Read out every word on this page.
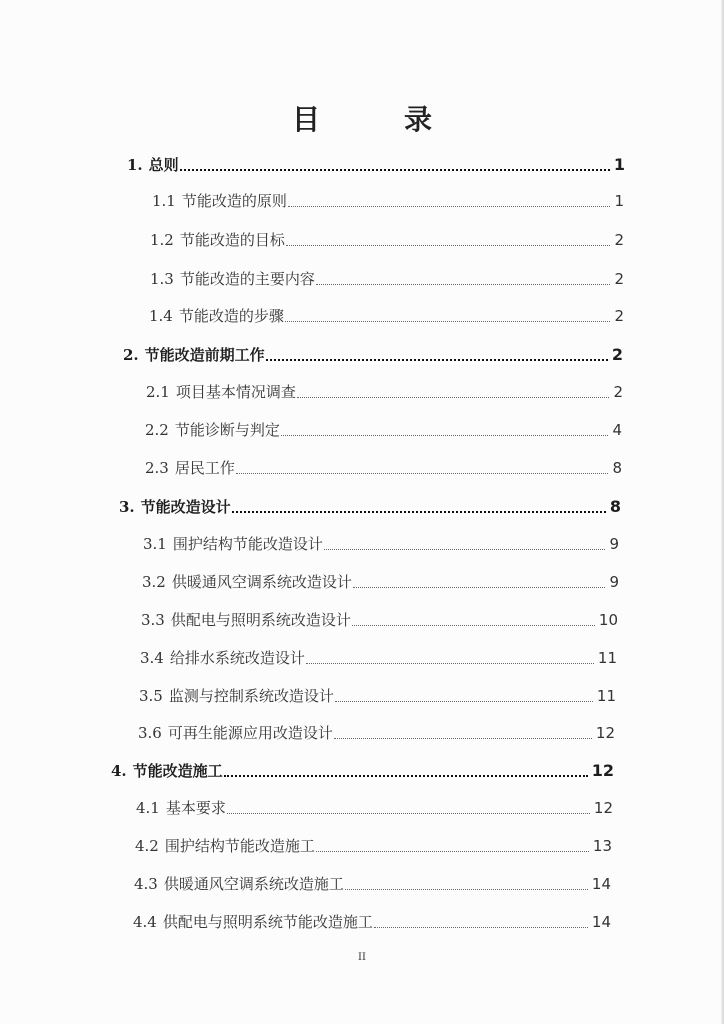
目　录
1. 总则	1
1.1 节能改造的原则	1
1.2 节能改造的目标	2
1.3 节能改造的主要内容	2
1.4 节能改造的步骤	2
2. 节能改造前期工作	2
2.1 项目基本情况调查	2
2.2 节能诊断与判定	4
2.3 居民工作	8
3. 节能改造设计	8
3.1 围护结构节能改造设计	9
3.2 供暖通风空调系统改造设计	9
3.3 供配电与照明系统改造设计	10
3.4 给排水系统改造设计	11
3.5 监测与控制系统改造设计	11
3.6 可再生能源应用改造设计	12
4. 节能改造施工	12
4.1 基本要求	12
4.2 围护结构节能改造施工	13
4.3 供暖通风空调系统改造施工	14
4.4 供配电与照明系统节能改造施工	14
II
